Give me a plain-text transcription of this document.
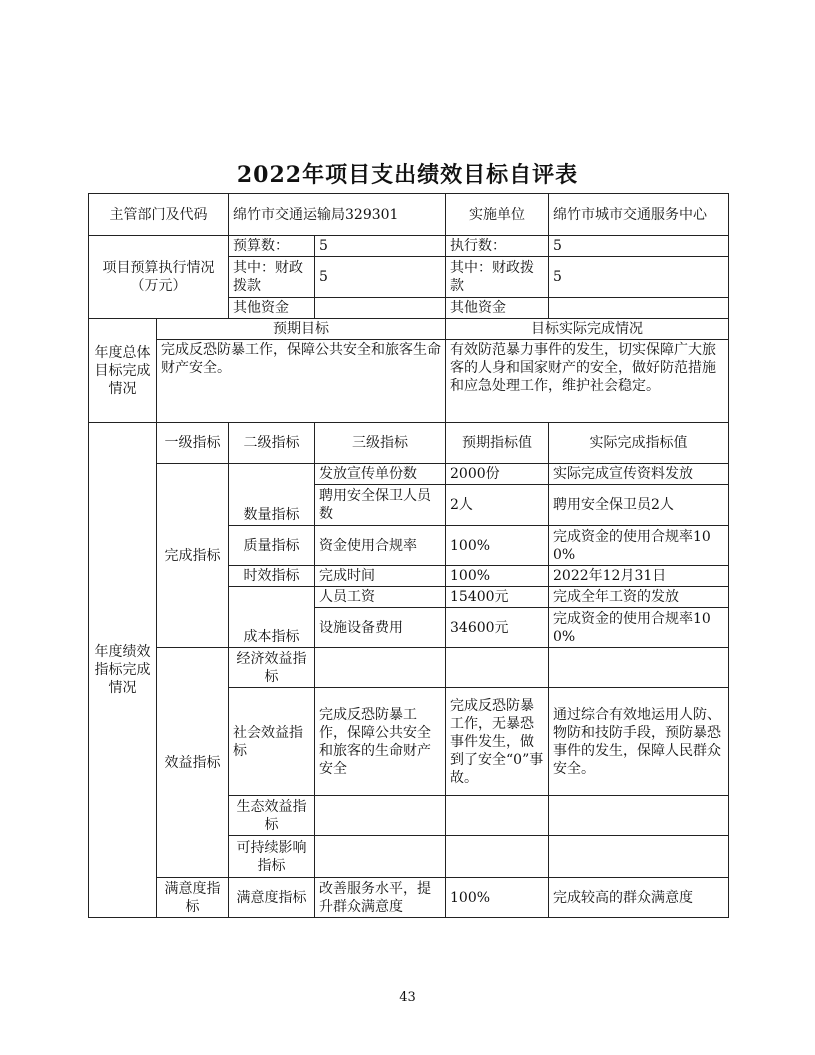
2022年项目支出绩效目标自评表
主管部门及代码		绵竹市交通运输局329301		实施单位	绵竹市城市交通服务中心
项目预算执行情况（万元）		预算数：	5	执行数：	5
		其中：财政拨款	5	其中：财政拨款	5
		其他资金		其他资金	
年度总体目标完成情况	预期目标			目标实际完成情况	
	完成反恐防暴工作，保障公共安全和旅客生命财产安全。			有效防范暴力事件的发生，切实保障广大旅客的人身和国家财产的安全，做好防范措施和应急处理工作，维护社会稳定。	
年度绩效指标完成情况	一级指标	二级指标	三级指标	预期指标值	实际完成指标值
	完成指标	数量指标	发放宣传单份数	2000份	实际完成宣传资料发放
			聘用安全保卫人员数	2人	聘用安全保卫员2人
		质量指标	资金使用合规率	100%	完成资金的使用合规率100%
		时效指标	完成时间	100%	2022年12月31日
		成本指标	人员工资	15400元	完成全年工资的发放
			设施设备费用	34600元	完成资金的使用合规率100%
	效益指标	经济效益指标			
		社会效益指标	完成反恐防暴工作，保障公共安全和旅客的生命财产安全	完成反恐防暴工作，无暴恐事件发生，做到了安全“0”事故。	通过综合有效地运用人防、物防和技防手段，预防暴恐事件的发生，保障人民群众安全。
		生态效益指标			
		可持续影响指标			
	满意度指标	满意度指标	改善服务水平，提升群众满意度	100%	完成较高的群众满意度
43
